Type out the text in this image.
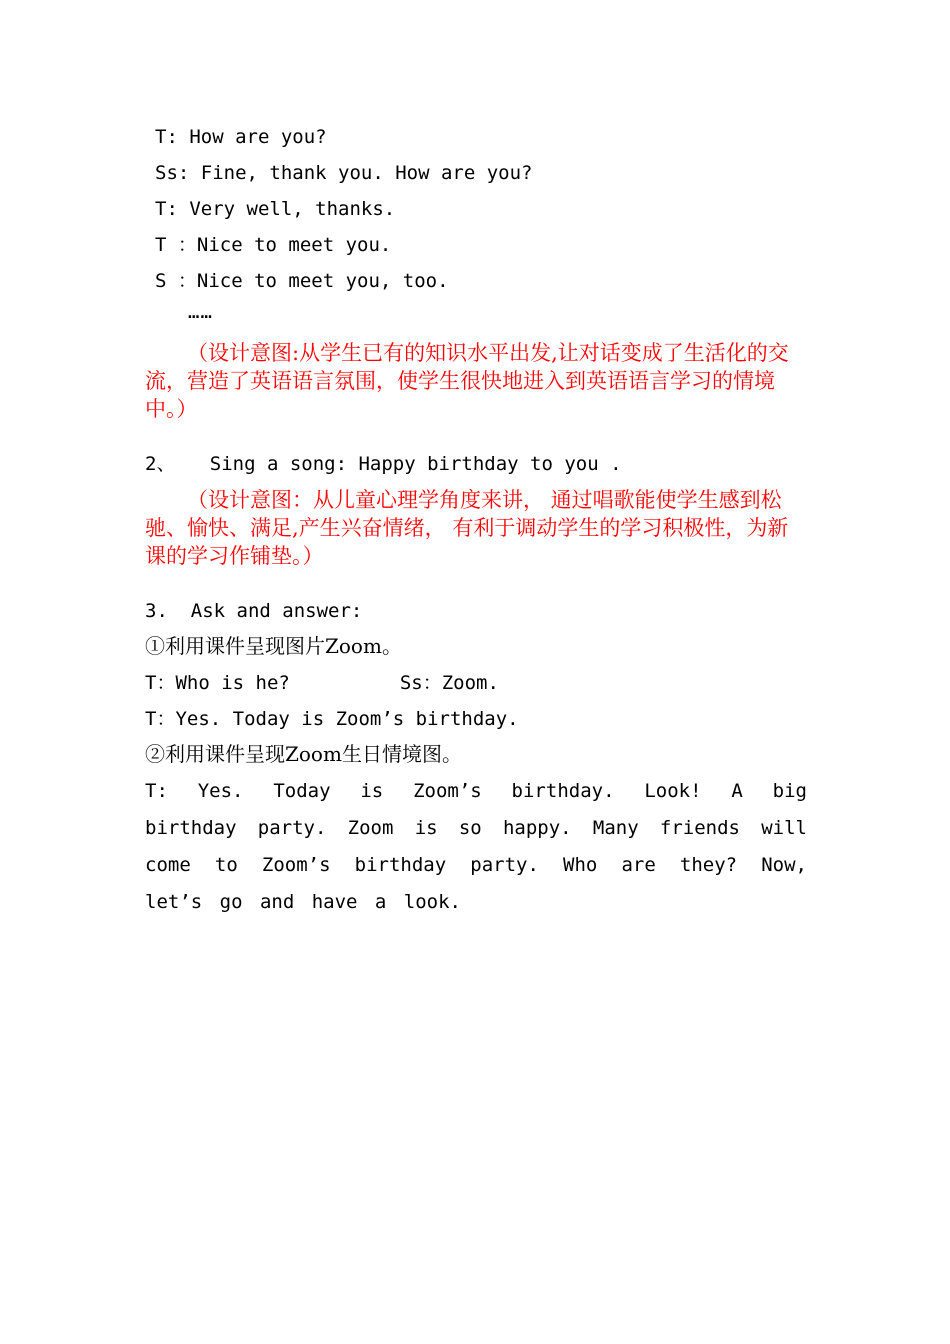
T: How are you?
Ss: Fine, thank you. How are you?
T: Very well, thanks.
T ：Nice to meet you.
S ：Nice to meet you, too.
……
（设计意图:从学生已有的知识水平出发,让对话变成了生活化的交流，营造了英语语言氛围，使学生很快地进入到英语语言学习的情境中。）
2、   Sing a song: Happy birthday to you .
（设计意图：从儿童心理学角度来讲， 通过唱歌能使学生感到松驰、愉快、满足,产生兴奋情绪， 有利于调动学生的学习积极性，为新课的学习作铺垫。）
3.  Ask and answer:
①利用课件呈现图片Zoom。
T：Who is he?	Ss：Zoom.
T：Yes. Today is Zoom’s birthday.
②利用课件呈现Zoom生日情境图。
T: Yes. Today is Zoom’s birthday. Look! A big birthday party. Zoom is so happy. Many friends will come to Zoom’s birthday party. Who are they? Now, let’s go and have a look.
